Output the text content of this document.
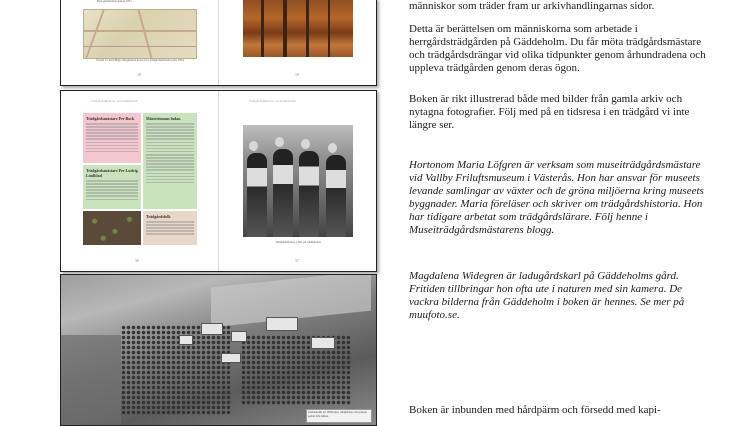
Plan gårdsarbete kartan 1831
Utsnitt av Karl-Hugo Magnusson karta över trädgårdsskötseln plats 1834
18	19
Trädgårdsmästare vid Gäddeholm
Trädgårdsmästare Per Bock
Trädgårdsmästare Per Ludvig Lindblad
Mästerinnans-ladan
Trädgårdsfolk
36
Trädgårdsmästare vid Gäddeholm
Trädgårdsflickor i Näs på Gäddeholm
37
Gäddeholm på 1930-talet, trädgården och parken sedda från luften.

människor som träder fram ur arkivhandlingarnas sidor.

Detta är berättelsen om människorna som arbetade i herrgårdsträdgården på Gäddeholm. Du får möta trädgårdsmästare och trädgårdsdrängar vid olika tidpunkter genom århundradena och uppleva trädgården genom deras ögon.

Boken är rikt illustrerad både med bilder från gamla arkiv och nytagna fotografier. Följ med på en tidsresa i en trädgård vi inte längre ser.

Hortonom Maria Löfgren är verksam som museiträdgårdsmästare vid Vallby Friluftsmuseum i Västerås. Hon har ansvar för museets levande samlingar av växter och de gröna miljöerna kring museets byggnader. Maria föreläser och skriver om trädgårdshistoria. Hon har tidigare arbetat som trädgårdslärare. Följ henne i Museiträdgårdsmästarens blogg.

Magdalena Widegren är ladugårdskarl på Gäddeholms gård. Fritiden tillbringar hon ofta ute i naturen med sin kamera. De vackra bilderna från Gäddeholm i boken är hennes. Se mer på muufoto.se.

Boken är inbunden med hårdpärm och försedd med kapi-
